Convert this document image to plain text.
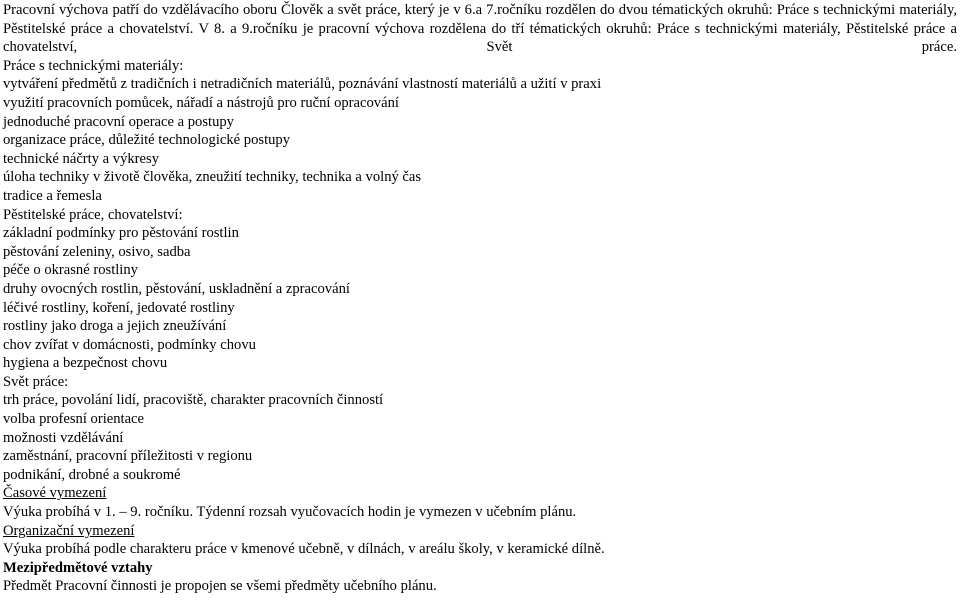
Pracovní výchova patří do vzdělávacího oboru Člověk a svět práce, který je v 6.a 7.ročníku rozdělen do dvou tématických okruhů: Práce s technickými materiály, Pěstitelské práce a chovatelství. V 8. a 9.ročníku je pracovní výchova rozdělena do tří tématických okruhů: Práce s technickými materiály, Pěstitelské práce a chovatelství, Svět práce.

Práce s technickými materiály:
vytváření předmětů z tradičních i netradičních materiálů, poznávání vlastností materiálů a užití v praxi
využití pracovních pomůcek, nářadí a nástrojů pro ruční opracování
jednoduché pracovní operace a postupy
organizace práce, důležité technologické postupy
technické náčrty a výkresy
úloha techniky v životě člověka, zneužití techniky, technika a volný čas
tradice a řemesla
Pěstitelské práce, chovatelství:
základní podmínky pro pěstování rostlin
pěstování zeleniny, osivo, sadba
péče o okrasné rostliny
druhy ovocných rostlin, pěstování, uskladnění a zpracování
léčivé rostliny, koření, jedovaté rostliny
rostliny jako droga a jejich zneužívání
chov zvířat v domácnosti, podmínky chovu
hygiena a bezpečnost chovu
Svět práce:
trh práce, povolání lidí, pracoviště, charakter pracovních činností
volba profesní orientace
možnosti vzdělávání
zaměstnání, pracovní příležitosti v regionu
podnikání, drobné a soukromé
Časové vymezení
Výuka probíhá v 1. – 9. ročníku. Týdenní rozsah vyučovacích hodin je vymezen v učebním plánu.
Organizační vymezení
Výuka probíhá podle charakteru práce v kmenové učebně, v dílnách, v areálu školy, v keramické dílně.
Mezipředmětové vztahy
Předmět Pracovní činnosti je propojen se všemi předměty učebního plánu.
